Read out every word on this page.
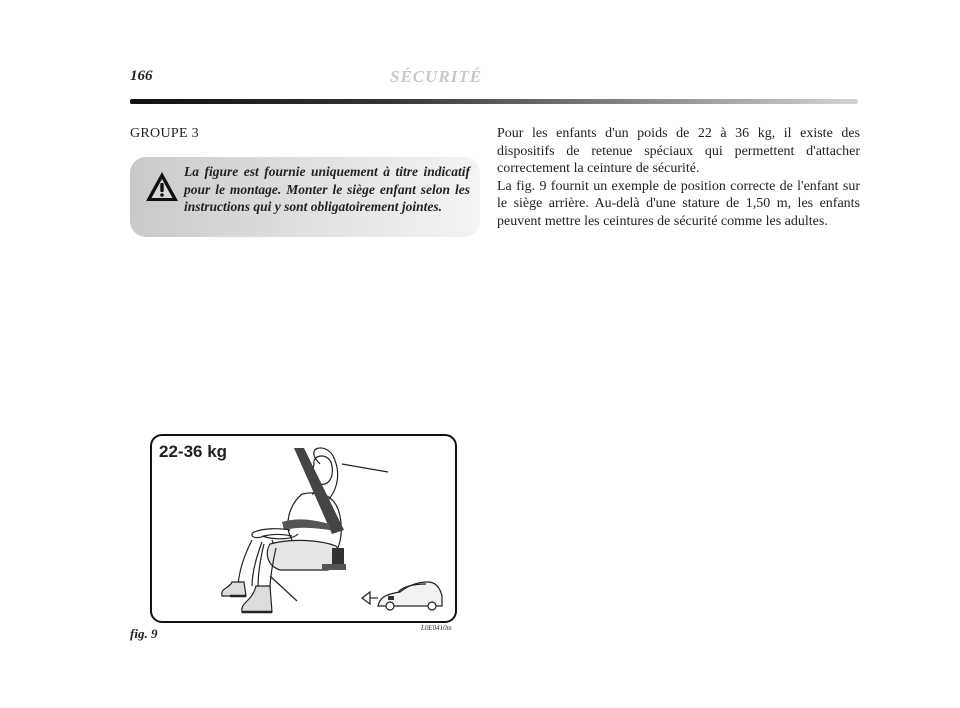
166	SÉCURITÉ
GROUPE 3

La figure est fournie uniquement à titre indicatif pour le montage. Monter le siège enfant selon les instructions qui y sont obligatoirement jointes.

Pour les enfants d'un poids de 22 à 36 kg, il existe des dispositifs de retenue spéciaux qui permettent d'attacher correctement la ceinture de sécurité.
La fig. 9 fournit un exemple de position correcte de l'enfant sur le siège arrière. Au-delà d'une stature de 1,50 m, les enfants peuvent mettre les ceintures de sécurité comme les adultes.
22-36 kg
fig. 9	L0E0410m
